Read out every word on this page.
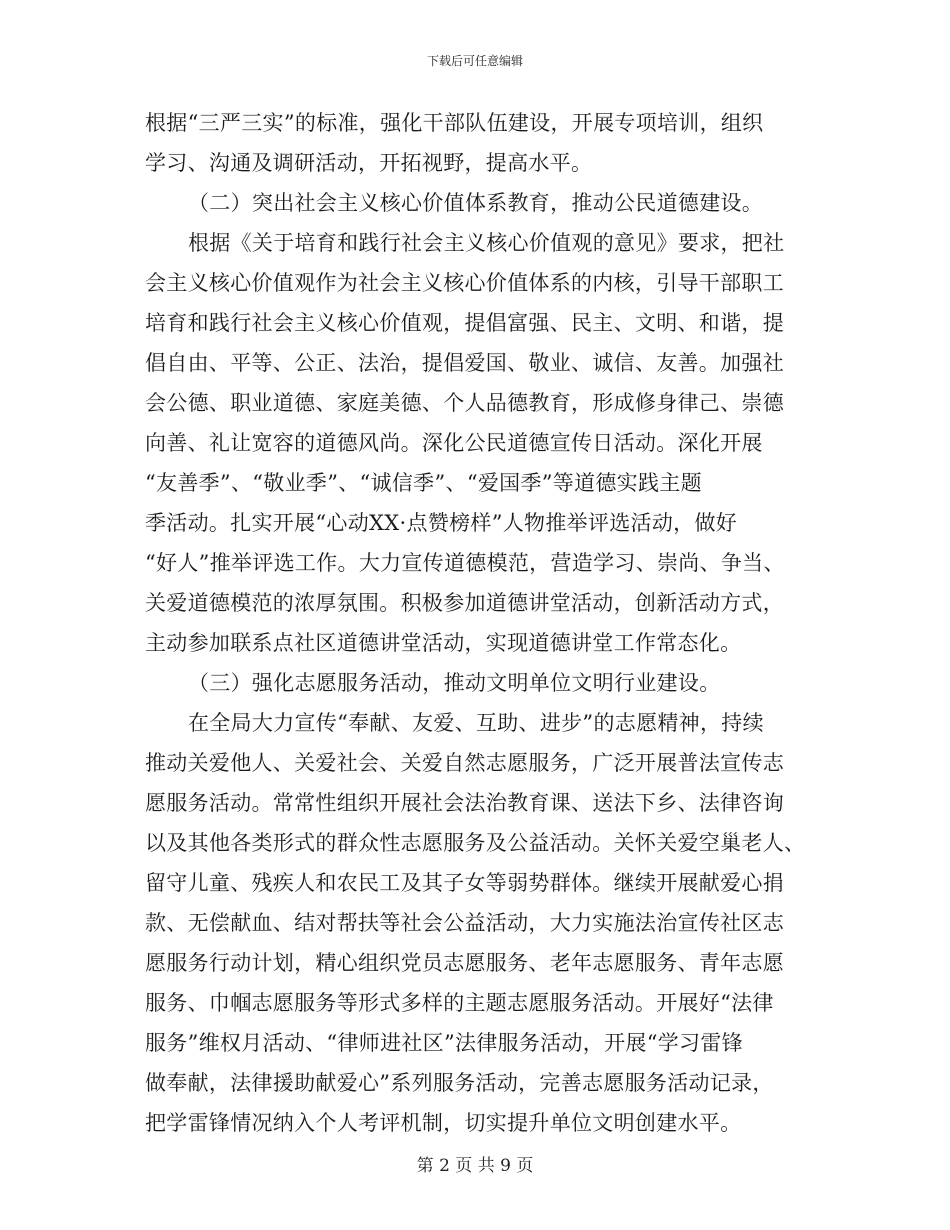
下载后可任意编辑
根据“三严三实”的标准，强化干部队伍建设，开展专项培训，组织
学习、沟通及调研活动，开拓视野，提高水平。
（二）突出社会主义核心价值体系教育，推动公民道德建设。
根据《关于培育和践行社会主义核心价值观的意见》要求，把社
会主义核心价值观作为社会主义核心价值体系的内核，引导干部职工
培育和践行社会主义核心价值观，提倡富强、民主、文明、和谐，提
倡自由、平等、公正、法治，提倡爱国、敬业、诚信、友善。加强社
会公德、职业道德、家庭美德、个人品德教育，形成修身律己、崇德
向善、礼让宽容的道德风尚。深化公民道德宣传日活动。深化开展
“友善季”、“敬业季”、“诚信季”、“爱国季”等道德实践主题
季活动。扎实开展“心动XX·点赞榜样”人物推举评选活动，做好
“好人”推举评选工作。大力宣传道德模范，营造学习、崇尚、争当、
关爱道德模范的浓厚氛围。积极参加道德讲堂活动，创新活动方式，
主动参加联系点社区道德讲堂活动，实现道德讲堂工作常态化。
（三）强化志愿服务活动，推动文明单位文明行业建设。
在全局大力宣传“奉献、友爱、互助、进步”的志愿精神，持续
推动关爱他人、关爱社会、关爱自然志愿服务，广泛开展普法宣传志
愿服务活动。常常性组织开展社会法治教育课、送法下乡、法律咨询
以及其他各类形式的群众性志愿服务及公益活动。关怀关爱空巢老人、
留守儿童、残疾人和农民工及其子女等弱势群体。继续开展献爱心捐
款、无偿献血、结对帮扶等社会公益活动，大力实施法治宣传社区志
愿服务行动计划，精心组织党员志愿服务、老年志愿服务、青年志愿
服务、巾帼志愿服务等形式多样的主题志愿服务活动。开展好“法律
服务”维权月活动、“律师进社区”法律服务活动，开展“学习雷锋
做奉献，法律援助献爱心”系列服务活动，完善志愿服务活动记录，
把学雷锋情况纳入个人考评机制，切实提升单位文明创建水平。
第 2 页 共 9 页
